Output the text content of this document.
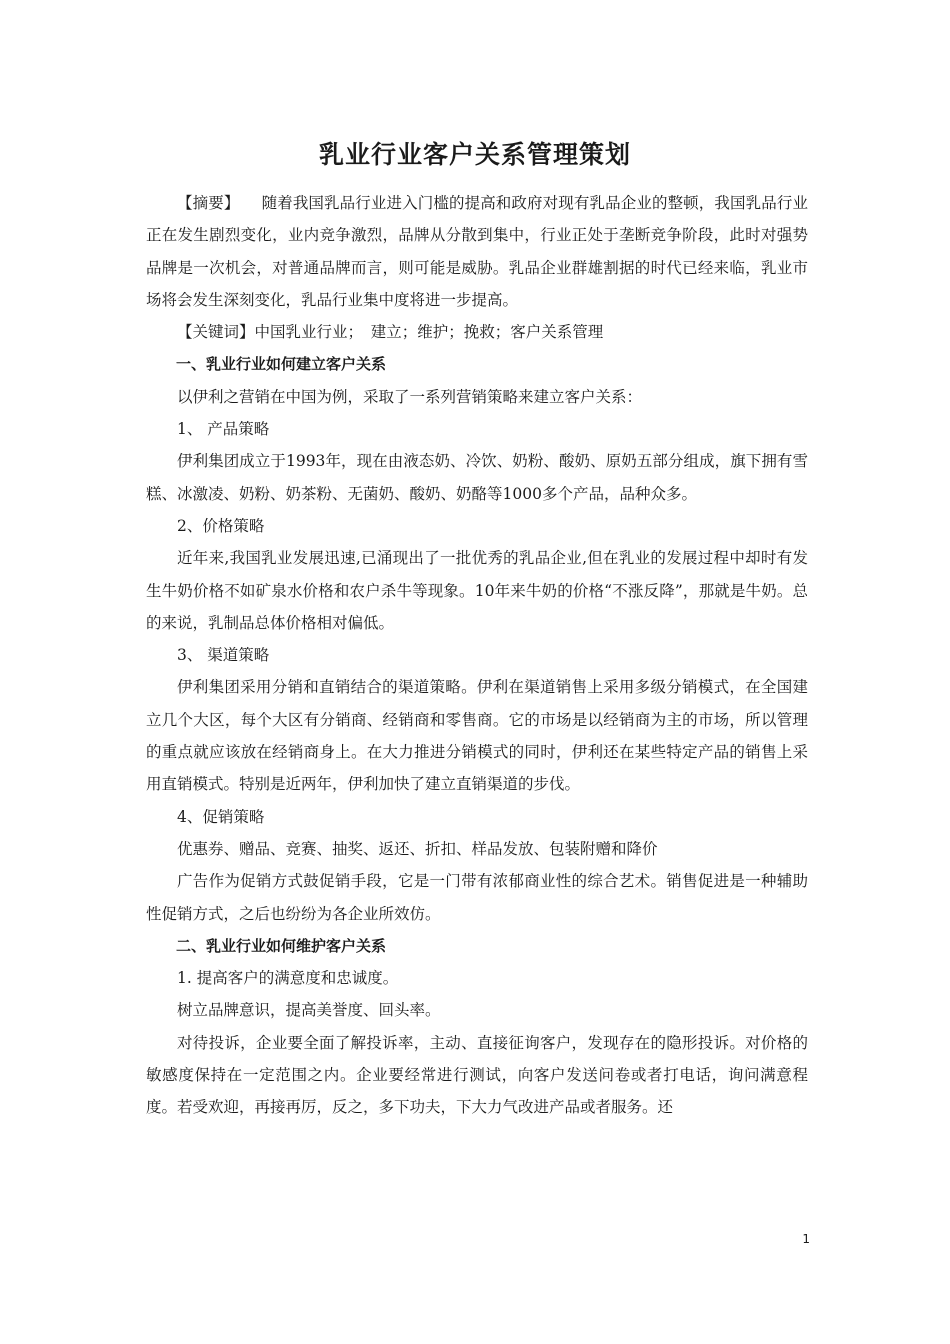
乳业行业客户关系管理策划

【摘要】 随着我国乳品行业进入门槛的提高和政府对现有乳品企业的整顿，我国乳品行业正在发生剧烈变化，业内竞争激烈，品牌从分散到集中，行业正处于垄断竞争阶段，此时对强势品牌是一次机会，对普通品牌而言，则可能是威胁。乳品企业群雄割据的时代已经来临，乳业市场将会发生深刻变化，乳品行业集中度将进一步提高。

【关键词】中国乳业行业；　建立；维护；挽救；客户关系管理

一、乳业行业如何建立客户关系

以伊利之营销在中国为例，采取了一系列营销策略来建立客户关系：

1、 产品策略

伊利集团成立于1993年，现在由液态奶、冷饮、奶粉、酸奶、原奶五部分组成，旗下拥有雪糕、冰激凌、奶粉、奶茶粉、无菌奶、酸奶、奶酪等1000多个产品，品种众多。

2、价格策略

近年来,我国乳业发展迅速,已涌现出了一批优秀的乳品企业,但在乳业的发展过程中却时有发生牛奶价格不如矿泉水价格和农户杀牛等现象。10年来牛奶的价格“不涨反降”，那就是牛奶。总的来说，乳制品总体价格相对偏低。

3、 渠道策略

伊利集团采用分销和直销结合的渠道策略。伊利在渠道销售上采用多级分销模式，在全国建立几个大区，每个大区有分销商、经销商和零售商。它的市场是以经销商为主的市场，所以管理的重点就应该放在经销商身上。在大力推进分销模式的同时，伊利还在某些特定产品的销售上采用直销模式。特别是近两年，伊利加快了建立直销渠道的步伐。

4、促销策略

优惠券、赠品、竞赛、抽奖、返还、折扣、样品发放、包装附赠和降价

广告作为促销方式鼓促销手段，它是一门带有浓郁商业性的综合艺术。销售促进是一种辅助性促销方式，之后也纷纷为各企业所效仿。

二、乳业行业如何维护客户关系

1. 提高客户的满意度和忠诚度。

树立品牌意识，提高美誉度、回头率。

对待投诉，企业要全面了解投诉率，主动、直接征询客户，发现存在的隐形投诉。对价格的敏感度保持在一定范围之内。企业要经常进行测试，向客户发送问卷或者打电话，询问满意程度。若受欢迎，再接再厉，反之，多下功夫，下大力气改进产品或者服务。还

1
